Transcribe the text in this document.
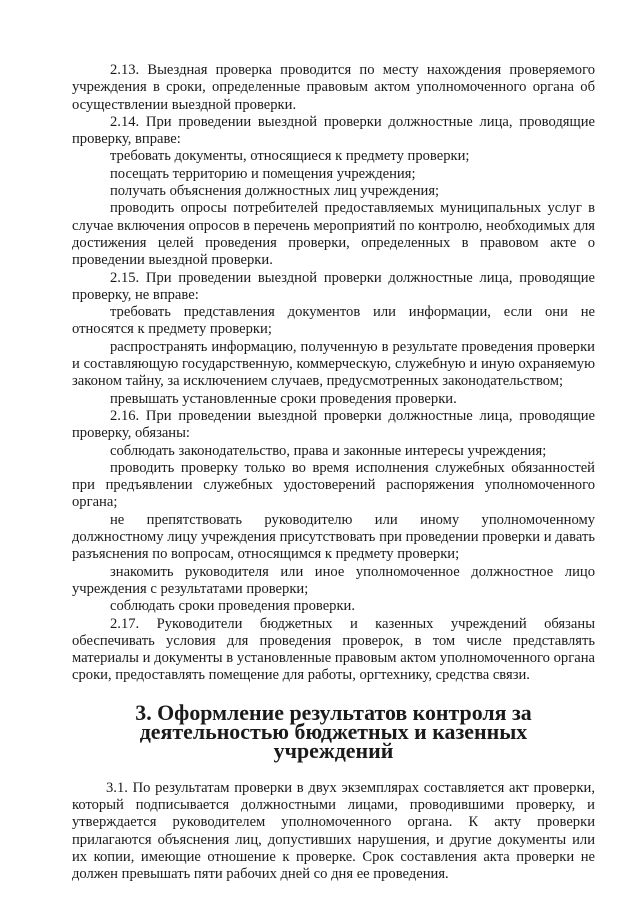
2.13. Выездная проверка проводится по месту нахождения проверяемого учреждения в сроки, определенные правовым актом уполномоченного органа об осуществлении выездной проверки.

2.14. При проведении выездной проверки должностные лица, проводящие проверку, вправе:

требовать документы, относящиеся к предмету проверки;

посещать территорию и помещения учреждения;

получать объяснения должностных лиц учреждения;

проводить опросы потребителей предоставляемых муниципальных услуг в случае включения опросов в перечень мероприятий по контролю, необходимых для достижения целей проведения проверки, определенных в правовом акте о проведении выездной проверки.

2.15. При проведении выездной проверки должностные лица, проводящие проверку, не вправе:

требовать представления документов или информации, если они не относятся к предмету проверки;

распространять информацию, полученную в результате проведения проверки и составляющую государственную, коммерческую, служебную и иную охраняемую законом тайну, за исключением случаев, предусмотренных законодательством;

превышать установленные сроки проведения проверки.

2.16. При проведении выездной проверки должностные лица, проводящие проверку, обязаны:

соблюдать законодательство, права и законные интересы учреждения;

проводить проверку только во время исполнения служебных обязанностей при предъявлении служебных удостоверений распоряжения уполномоченного органа;

не препятствовать руководителю или иному уполномоченному должностному лицу учреждения присутствовать при проведении проверки и давать разъяснения по вопросам, относящимся к предмету проверки;

знакомить руководителя или иное уполномоченное должностное лицо учреждения с результатами проверки;

соблюдать сроки проведения проверки.

2.17. Руководители бюджетных и казенных учреждений обязаны обеспечивать условия для проведения проверок, в том числе представлять материалы и документы в установленные правовым актом уполномоченного органа сроки, предоставлять помещение для работы, оргтехнику, средства связи.

3. Оформление результатов контроля за деятельностью бюджетных и казенных учреждений

3.1. По результатам проверки в двух экземплярах составляется акт проверки, который подписывается должностными лицами, проводившими проверку, и утверждается руководителем уполномоченного органа. К акту проверки прилагаются объяснения лиц, допустивших нарушения, и другие документы или их копии, имеющие отношение к проверке. Срок составления акта проверки не должен превышать пяти рабочих дней со дня ее проведения.
